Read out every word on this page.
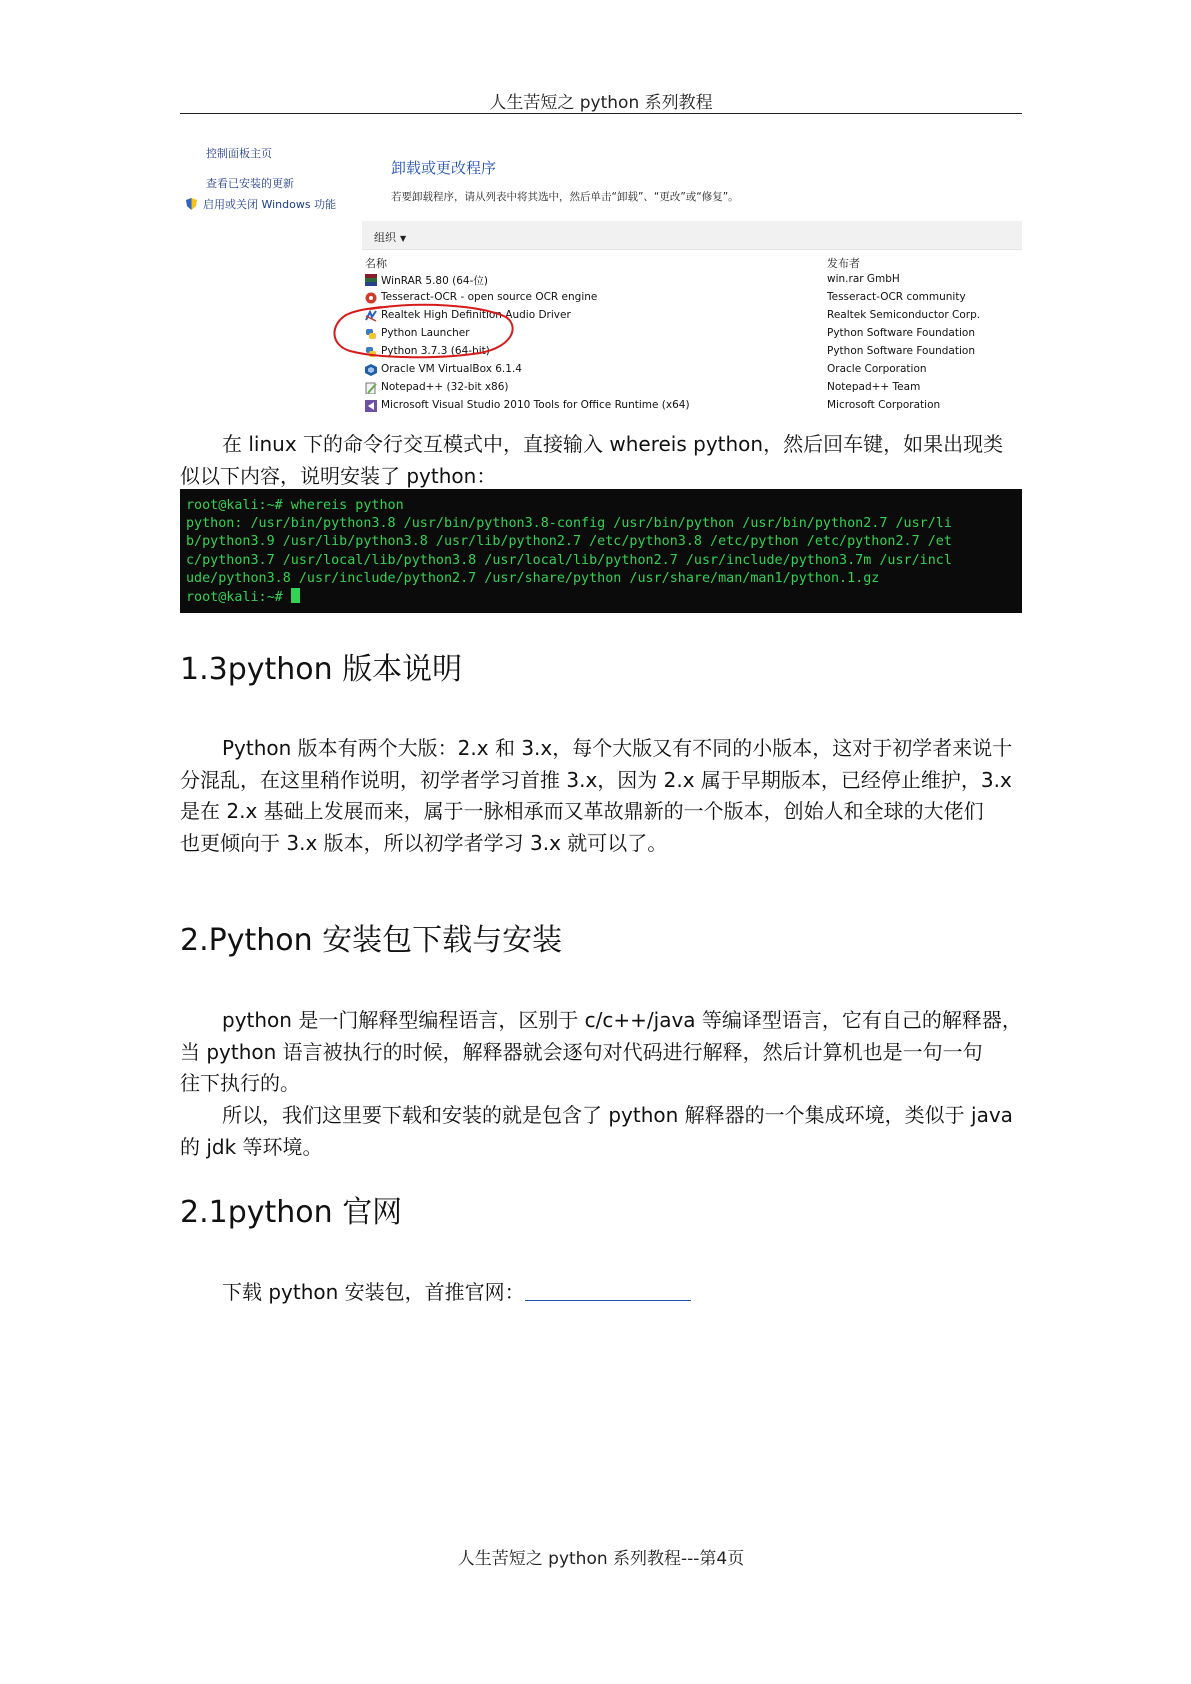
人生苦短之 python 系列教程
控制面板主页
查看已安装的更新
启用或关闭 Windows 功能
卸载或更改程序
若要卸载程序，请从列表中将其选中，然后单击“卸载”、“更改”或“修复”。
组织 ▼
名称	发布者
WinRAR 5.80 (64-位)	win.rar GmbH
Tesseract-OCR - open source OCR engine	Tesseract-OCR community
Realtek High Definition Audio Driver	Realtek Semiconductor Corp.
Python Launcher	Python Software Foundation
Python 3.7.3 (64-bit)	Python Software Foundation
Oracle VM VirtualBox 6.1.4	Oracle Corporation
Notepad++ (32-bit x86)	Notepad++ Team
Microsoft Visual Studio 2010 Tools for Office Runtime (x64)	Microsoft Corporation
在 linux 下的命令行交互模式中，直接输入 whereis python，然后回车键，如果出现类
似以下内容，说明安装了 python：
root@kali:~# whereis python
python: /usr/bin/python3.8 /usr/bin/python3.8-config /usr/bin/python /usr/bin/python2.7 /usr/li
b/python3.9 /usr/lib/python3.8 /usr/lib/python2.7 /etc/python3.8 /etc/python /etc/python2.7 /et
c/python3.7 /usr/local/lib/python3.8 /usr/local/lib/python2.7 /usr/include/python3.7m /usr/incl
ude/python3.8 /usr/include/python2.7 /usr/share/python /usr/share/man/man1/python.1.gz
root@kali:~#
1.3python 版本说明
Python 版本有两个大版：2.x 和 3.x，每个大版又有不同的小版本，这对于初学者来说十
分混乱，在这里稍作说明，初学者学习首推 3.x，因为 2.x 属于早期版本，已经停止维护，3.x
是在 2.x 基础上发展而来，属于一脉相承而又革故鼎新的一个版本，创始人和全球的大佬们
也更倾向于 3.x 版本，所以初学者学习 3.x 就可以了。
2.Python 安装包下载与安装
python 是一门解释型编程语言，区别于 c/c++/java 等编译型语言，它有自己的解释器，
当 python 语言被执行的时候，解释器就会逐句对代码进行解释，然后计算机也是一句一句
往下执行的。
所以，我们这里要下载和安装的就是包含了 python 解释器的一个集成环境，类似于 java
的 jdk 等环境。
2.1python 官网
下载 python 安装包，首推官网：
人生苦短之 python 系列教程---第4页
